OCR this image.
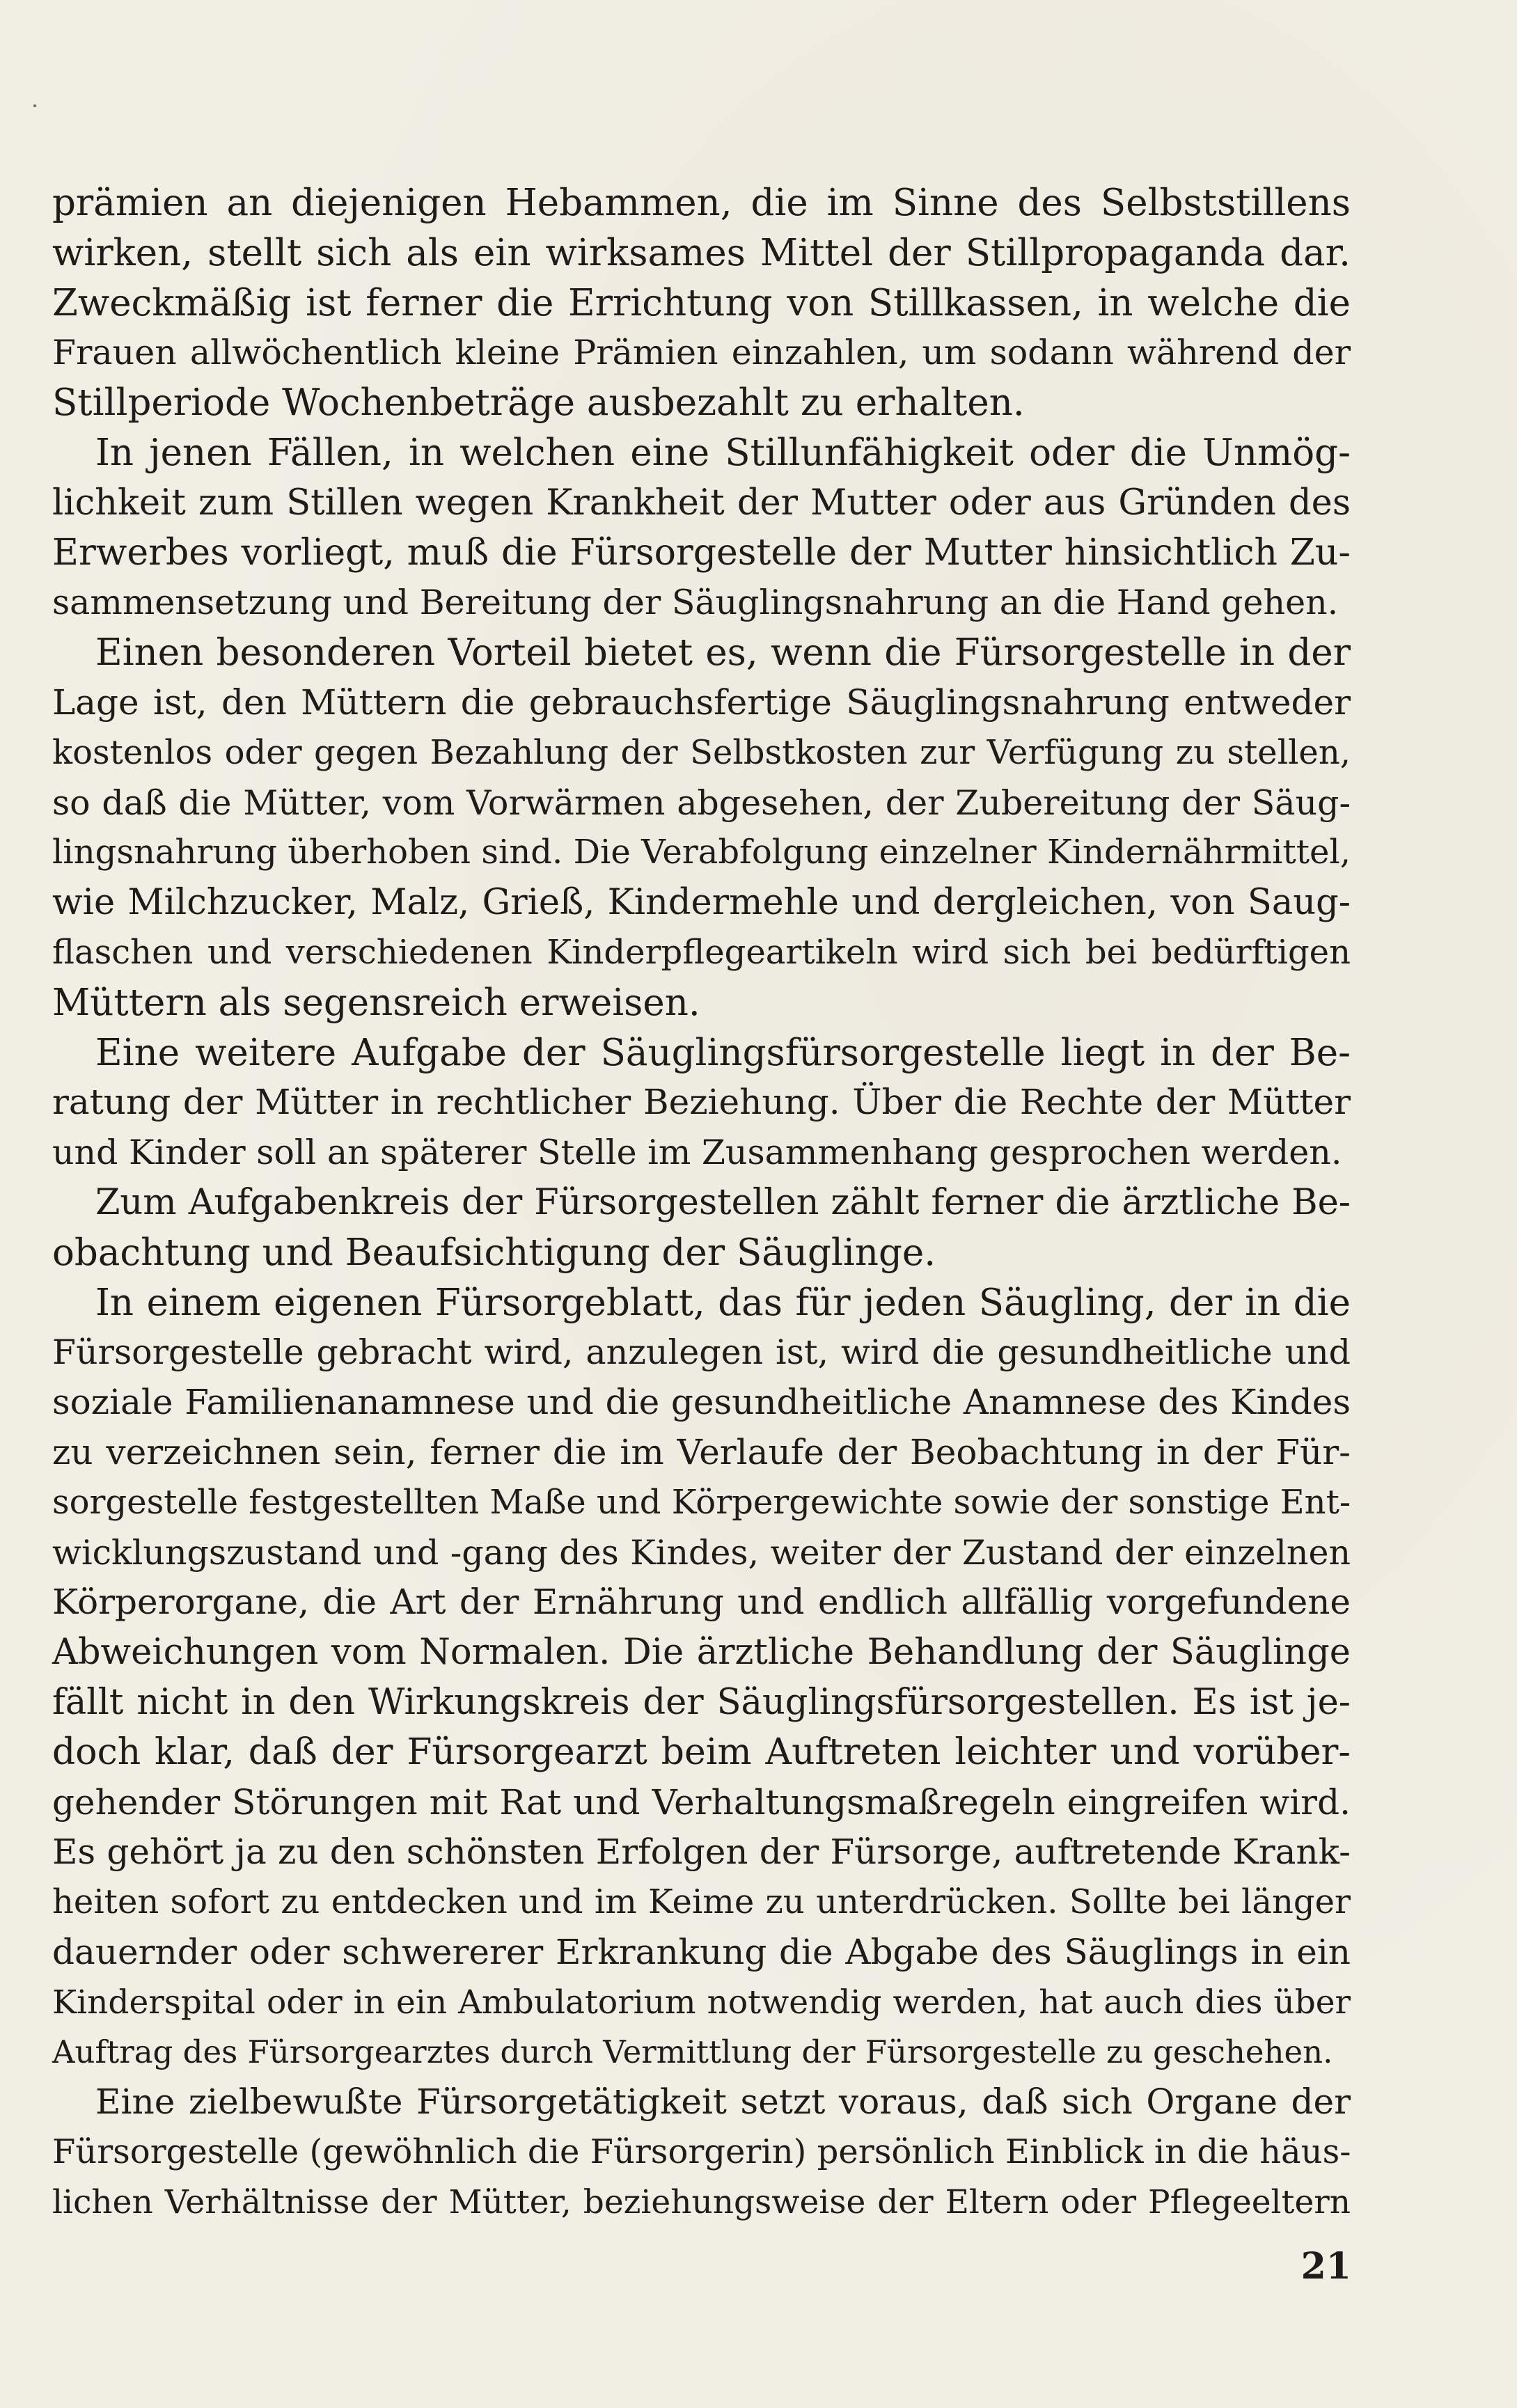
prämien an diejenigen Hebammen, die im Sinne des Selbststillens
wirken, stellt sich als ein wirksames Mittel der Stillpropaganda dar.
Zweckmäßig ist ferner die Errichtung von Stillkassen, in welche die
Frauen allwöchentlich kleine Prämien einzahlen, um sodann während der
Stillperiode Wochenbeträge ausbezahlt zu erhalten.
In jenen Fällen, in welchen eine Stillunfähigkeit oder die Unmög-
lichkeit zum Stillen wegen Krankheit der Mutter oder aus Gründen des
Erwerbes vorliegt, muß die Fürsorgestelle der Mutter hinsichtlich Zu-
sammensetzung und Bereitung der Säuglingsnahrung an die Hand gehen.
Einen besonderen Vorteil bietet es, wenn die Fürsorgestelle in der
Lage ist, den Müttern die gebrauchsfertige Säuglingsnahrung entweder
kostenlos oder gegen Bezahlung der Selbstkosten zur Verfügung zu stellen,
so daß die Mütter, vom Vorwärmen abgesehen, der Zubereitung der Säug-
lingsnahrung überhoben sind. Die Verabfolgung einzelner Kindernährmittel,
wie Milchzucker, Malz, Grieß, Kindermehle und dergleichen, von Saug-
flaschen und verschiedenen Kinderpflegeartikeln wird sich bei bedürftigen
Müttern als segensreich erweisen.
Eine weitere Aufgabe der Säuglingsfürsorgestelle liegt in der Be-
ratung der Mütter in rechtlicher Beziehung. Über die Rechte der Mütter
und Kinder soll an späterer Stelle im Zusammenhang gesprochen werden.
Zum Aufgabenkreis der Fürsorgestellen zählt ferner die ärztliche Be-
obachtung und Beaufsichtigung der Säuglinge.
In einem eigenen Fürsorgeblatt, das für jeden Säugling, der in die
Fürsorgestelle gebracht wird, anzulegen ist, wird die gesundheitliche und
soziale Familienanamnese und die gesundheitliche Anamnese des Kindes
zu verzeichnen sein, ferner die im Verlaufe der Beobachtung in der Für-
sorgestelle festgestellten Maße und Körpergewichte sowie der sonstige Ent-
wicklungszustand und -gang des Kindes, weiter der Zustand der einzelnen
Körperorgane, die Art der Ernährung und endlich allfällig vorgefundene
Abweichungen vom Normalen. Die ärztliche Behandlung der Säuglinge
fällt nicht in den Wirkungskreis der Säuglingsfürsorgestellen. Es ist je-
doch klar, daß der Fürsorgearzt beim Auftreten leichter und vorüber-
gehender Störungen mit Rat und Verhaltungsmaßregeln eingreifen wird.
Es gehört ja zu den schönsten Erfolgen der Fürsorge, auftretende Krank-
heiten sofort zu entdecken und im Keime zu unterdrücken. Sollte bei länger
dauernder oder schwererer Erkrankung die Abgabe des Säuglings in ein
Kinderspital oder in ein Ambulatorium notwendig werden, hat auch dies über
Auftrag des Fürsorgearztes durch Vermittlung der Fürsorgestelle zu geschehen.
Eine zielbewußte Fürsorgetätigkeit setzt voraus, daß sich Organe der
Fürsorgestelle (gewöhnlich die Fürsorgerin) persönlich Einblick in die häus-
lichen Verhältnisse der Mütter, beziehungsweise der Eltern oder Pflegeeltern
21
